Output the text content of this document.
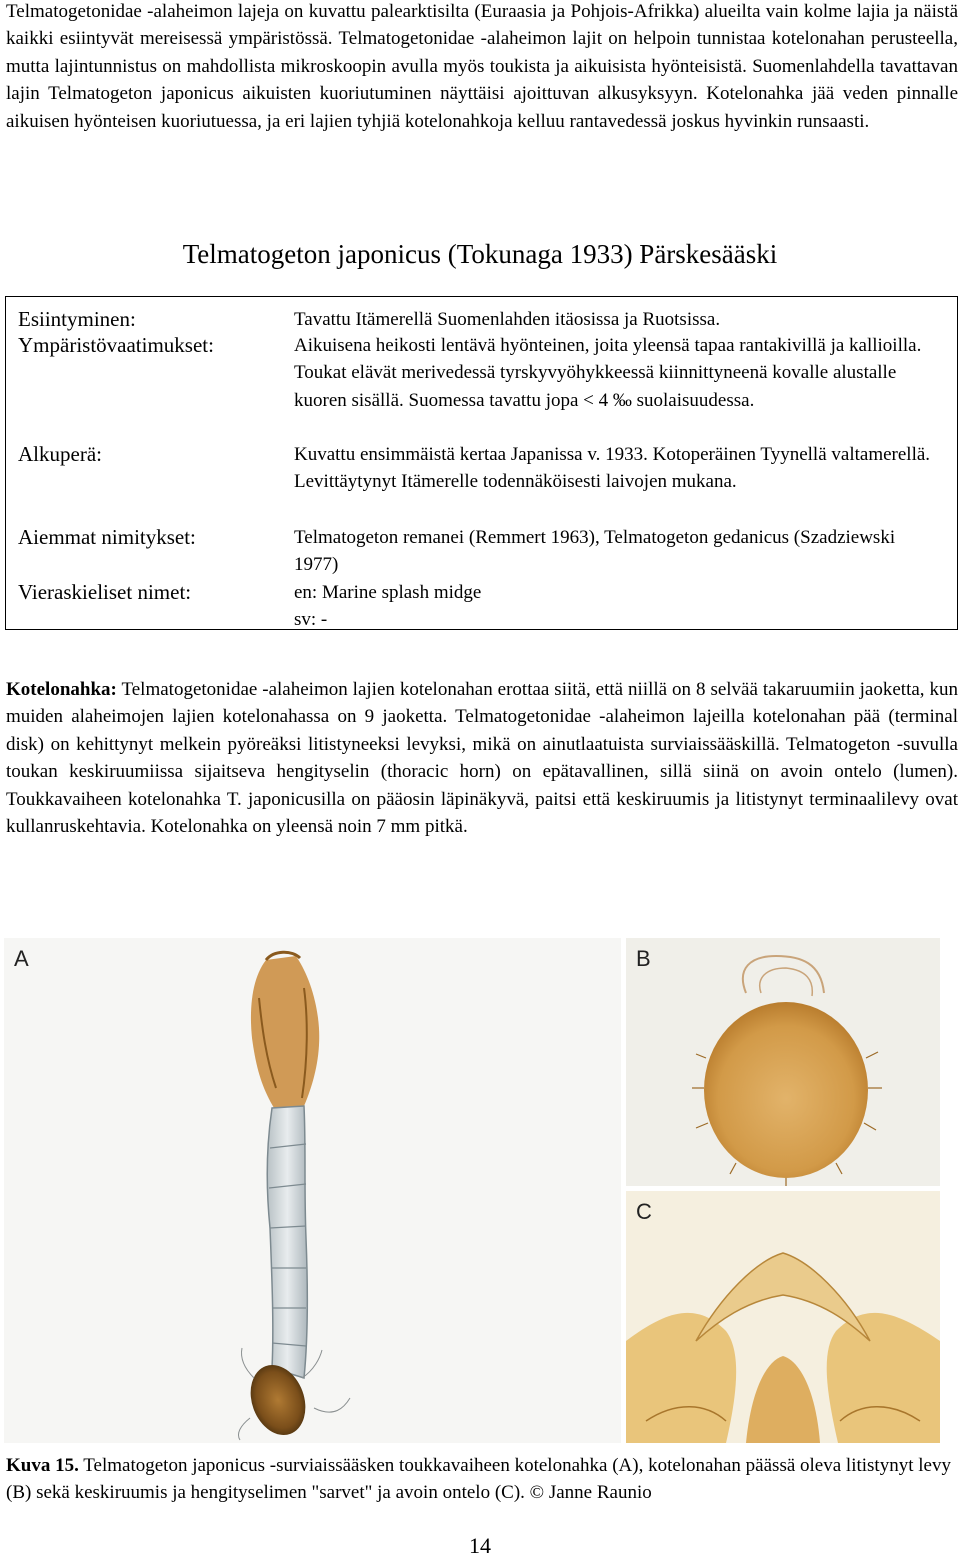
Telmatogetonidae -alaheimon lajeja on kuvattu palearktisilta (Euraasia ja Pohjois-Afrikka) alueilta vain kolme lajia ja näistä kaikki esiintyvät mereisessä ympäristössä. Telmatogetonidae -alaheimon lajit on helpoin tunnistaa kotelonahan perusteella, mutta lajintunnistus on mahdollista mikroskoopin avulla myös toukista ja aikuisista hyönteisistä. Suomenlahdella tavattavan lajin Telmatogeton japonicus aikuisten kuoriutuminen näyttäisi ajoittuvan alkusyksyyn. Kotelonahka jää veden pinnalle aikuisen hyönteisen kuoriutuessa, ja eri lajien tyhjiä kotelonahkoja kelluu rantavedessä joskus hyvinkin runsaasti.

Telmatogeton japonicus (Tokunaga 1933) Pärskesääski
Esiintyminen:	Tavattu Itämerellä Suomenlahden itäosissa ja Ruotsissa.
Ympäristövaatimukset:	Aikuisena heikosti lentävä hyönteinen, joita yleensä tapaa rantakivillä ja kallioilla. Toukat elävät merivedessä tyrskyvyöhykkeessä kiinnittyneenä kovalle alustalle kuoren sisällä. Suomessa tavattu jopa < 4 ‰ suolaisuudessa.
Alkuperä:	Kuvattu ensimmäistä kertaa Japanissa v. 1933. Kotoperäinen Tyynellä valtamerellä. Levittäytynyt Itämerelle todennäköisesti laivojen mukana.
Aiemmat nimitykset:	Telmatogeton remanei (Remmert 1963), Telmatogeton gedanicus (Szadziewski 1977)
Vieraskieliset nimet:	en: Marine splash midge
sv: -

Kotelonahka: Telmatogetonidae -alaheimon lajien kotelonahan erottaa siitä, että niillä on 8 selvää takaruumiin jaoketta, kun muiden alaheimojen lajien kotelonahassa on 9 jaoketta. Telmatogetonidae -alaheimon lajeilla kotelonahan pää (terminal disk) on kehittynyt melkein pyöreäksi litistyneeksi levyksi, mikä on ainutlaatuista surviaissääskillä. Telmatogeton -suvulla toukan keskiruumiissa sijaitseva hengityselin (thoracic horn) on epätavallinen, sillä siinä on avoin ontelo (lumen). Toukkavaiheen kotelonahka T. japonicusilla on pääosin läpinäkyvä, paitsi että keskiruumis ja litistynyt terminaalilevy ovat kullanruskehtavia. Kotelonahka on yleensä noin 7 mm pitkä.

A	B
C

Kuva 15. Telmatogeton japonicus -surviaissääsken toukkavaiheen kotelonahka (A), kotelonahan päässä oleva litistynyt levy (B) sekä keskiruumis ja hengityselimen "sarvet" ja avoin ontelo (C). © Janne Raunio

14
